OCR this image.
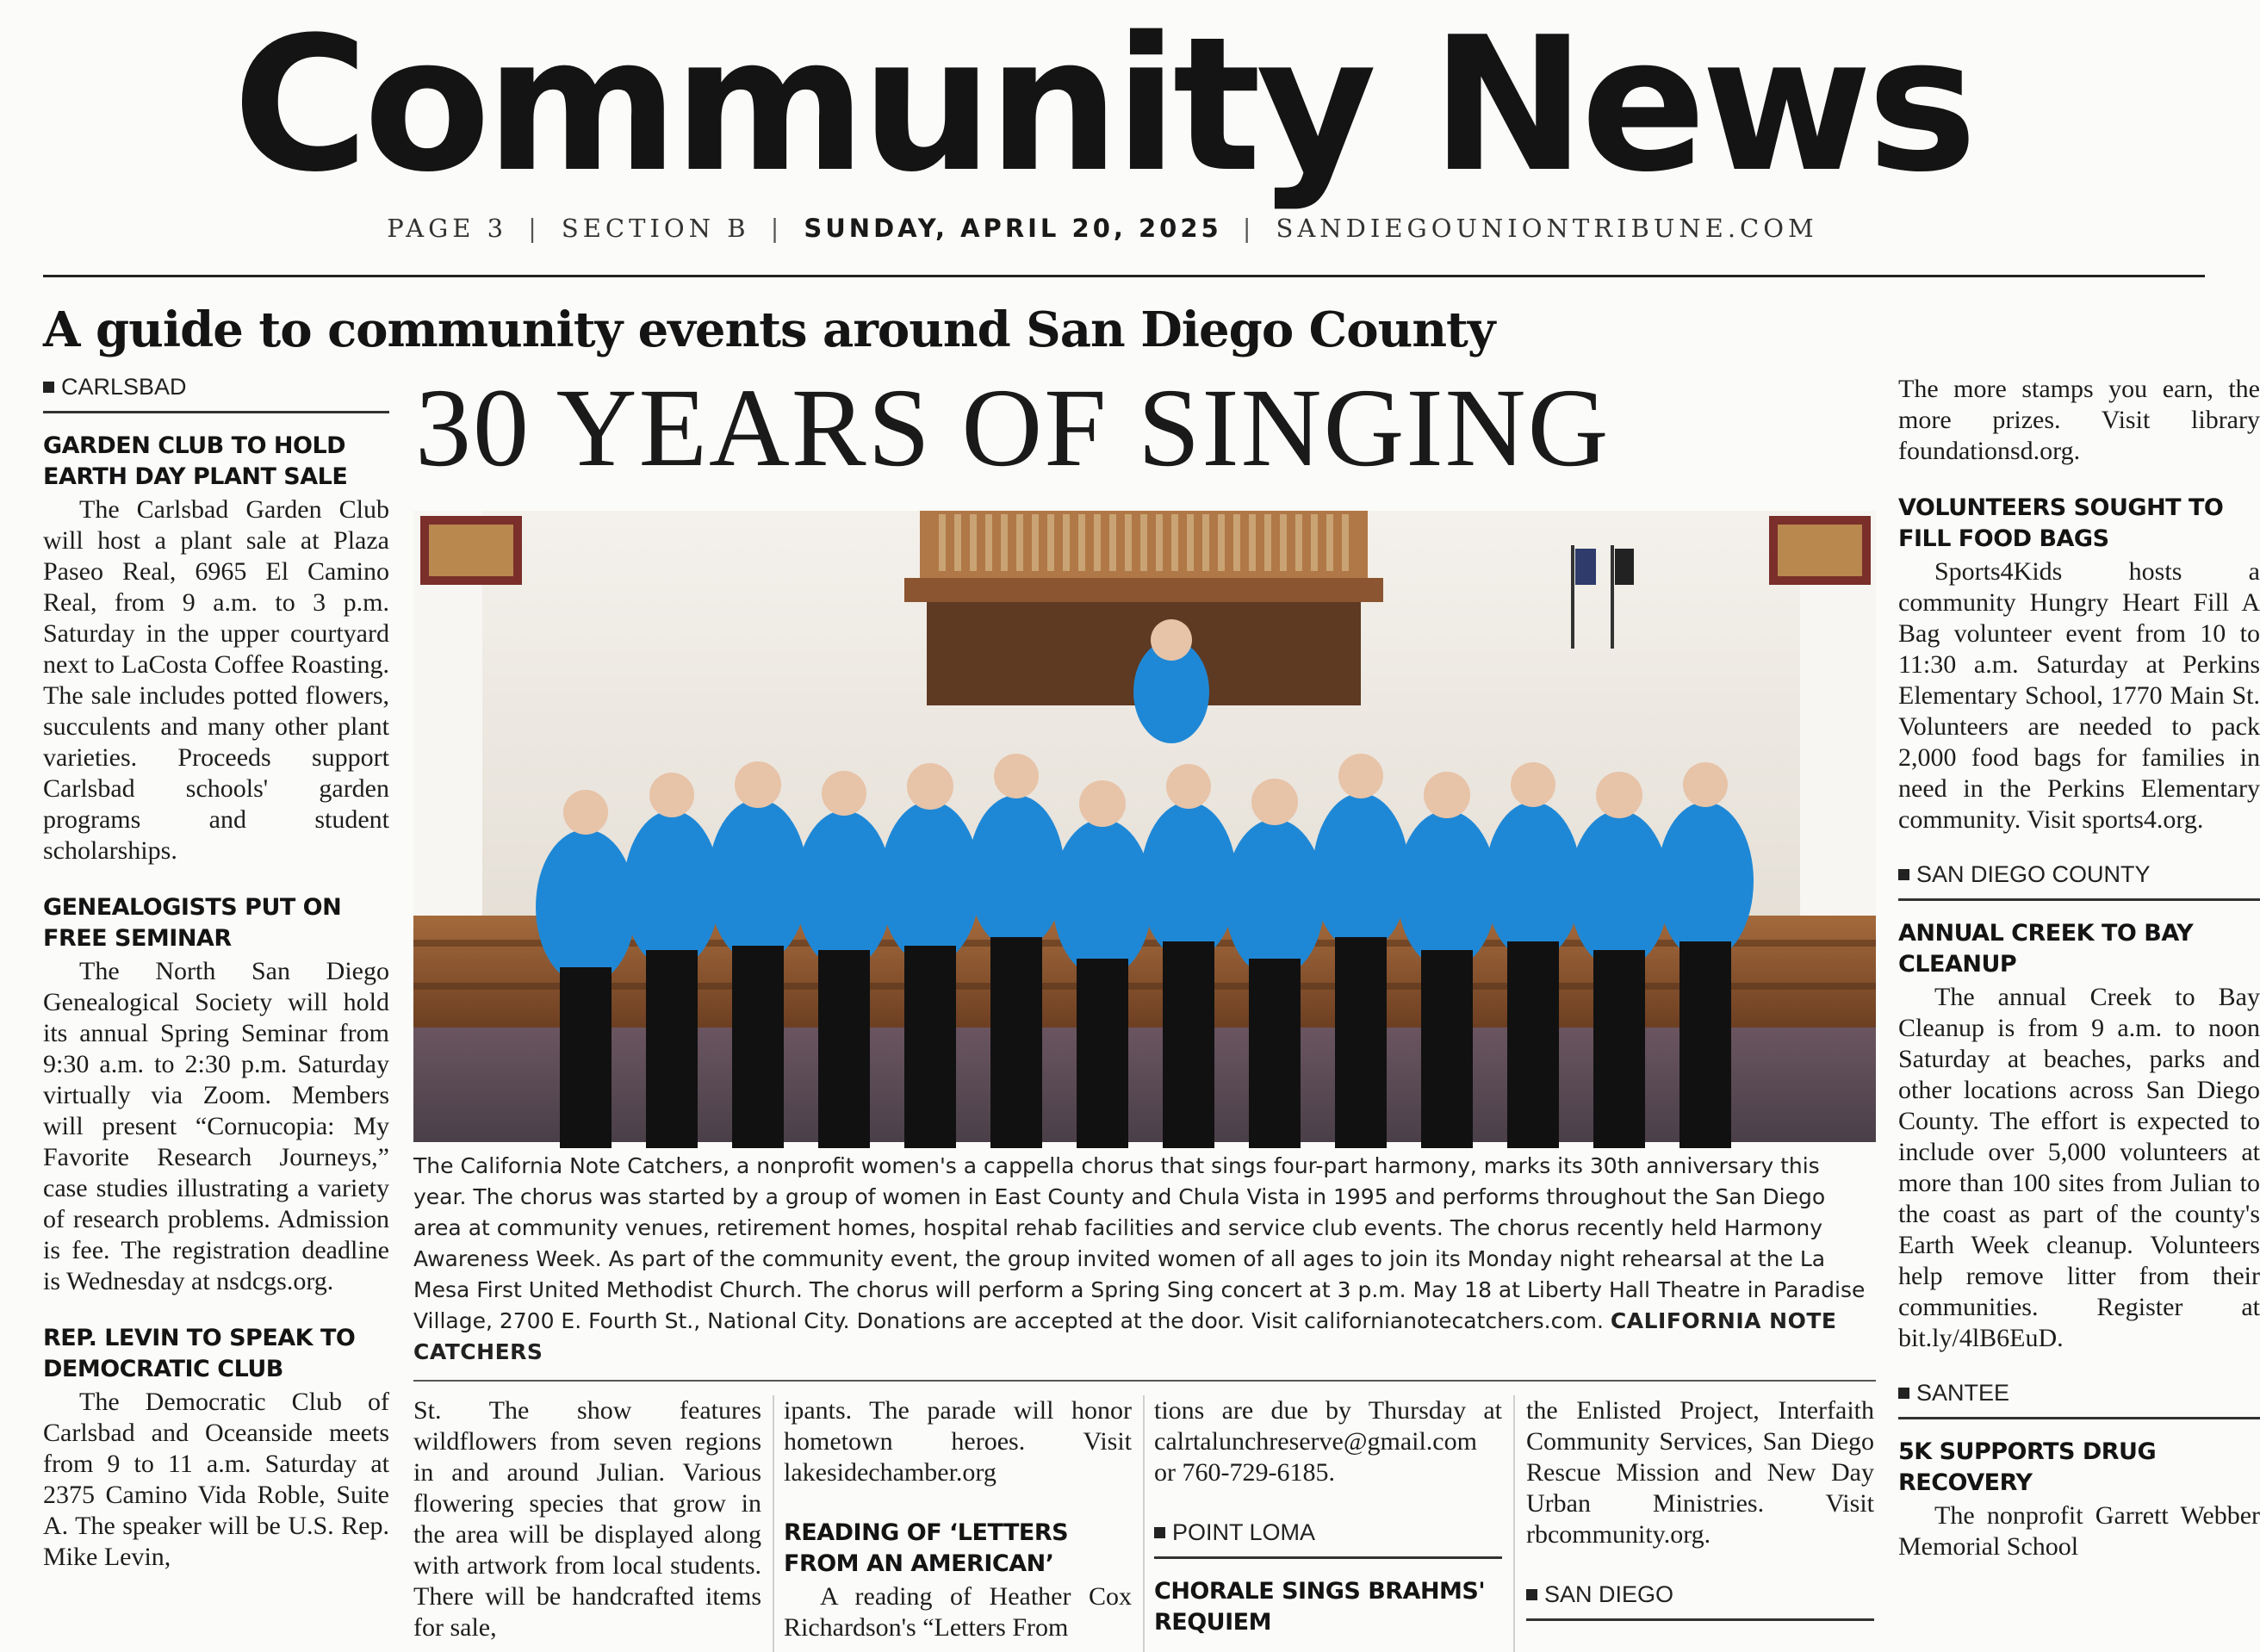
Community News
PAGE 3 | SECTION B | SUNDAY, APRIL 20, 2025 | SANDIEGOUNIONTRIBUNE.COM
A guide to community events around San Diego County
CARLSBAD
GARDEN CLUB TO HOLD EARTH DAY PLANT SALE
The Carlsbad Garden Club will host a plant sale at Plaza Paseo Real, 6965 El Camino Real, from 9 a.m. to 3 p.m. Saturday in the upper courtyard next to LaCosta Coffee Roasting. The sale includes potted flowers, succulents and many other plant varieties. Proceeds support Carlsbad schools' garden programs and student scholarships.
GENEALOGISTS PUT ON FREE SEMINAR
The North San Diego Genealogical Society will hold its annual Spring Seminar from 9:30 a.m. to 2:30 p.m. Saturday virtually via Zoom. Members will present “Cornucopia: My Favorite Research Journeys,” case studies illustrating a variety of research problems. Admission is fee. The registration deadline is Wednesday at nsdcgs.org.
REP. LEVIN TO SPEAK TO DEMOCRATIC CLUB
The Democratic Club of Carlsbad and Oceanside meets from 9 to 11 a.m. Saturday at 2375 Camino Vida Roble, Suite A. The speaker will be U.S. Rep. Mike Levin,
30 YEARS OF SINGING
The California Note Catchers, a nonprofit women's a cappella chorus that sings four-part harmony, marks its 30th anniversary this year. The chorus was started by a group of women in East County and Chula Vista in 1995 and performs throughout the San Diego area at community venues, retirement homes, hospital rehab facilities and service club events. The chorus recently held Harmony Awareness Week. As part of the community event, the group invited women of all ages to join its Monday night rehearsal at the La Mesa First United Methodist Church. The chorus will perform a Spring Sing concert at 3 p.m. May 18 at Liberty Hall Theatre in Paradise Village, 2700 E. Fourth St., National City. Donations are accepted at the door. Visit californianotecatchers.com. CALIFORNIA NOTE CATCHERS
St. The show features wildflowers from seven regions in and around Julian. Various flowering species that grow in the area will be displayed along with artwork from local students. There will be handcrafted items for sale,
ipants. The parade will honor hometown heroes. Visit lakesidechamber.org
READING OF ‘LETTERS FROM AN AMERICAN’
A reading of Heather Cox Richardson's “Letters From
tions are due by Thursday at calrtalunchreserve@gmail.com or 760-729-6185.
POINT LOMA
CHORALE SINGS BRAHMS' REQUIEM
the Enlisted Project, Interfaith Community Services, San Diego Rescue Mission and New Day Urban Ministries. Visit rbcommunity.org.
SAN DIEGO
The more stamps you earn, the more prizes. Visit library foundationsd.org.
VOLUNTEERS SOUGHT TO FILL FOOD BAGS
Sports4Kids hosts a community Hungry Heart Fill A Bag volunteer event from 10 to 11:30 a.m. Saturday at Perkins Elementary School, 1770 Main St. Volunteers are needed to pack 2,000 food bags for families in need in the Perkins Elementary community. Visit sports4.org.
SAN DIEGO COUNTY
ANNUAL CREEK TO BAY CLEANUP
The annual Creek to Bay Cleanup is from 9 a.m. to noon Saturday at beaches, parks and other locations across San Diego County. The effort is expected to include over 5,000 volunteers at more than 100 sites from Julian to the coast as part of the county's Earth Week cleanup. Volunteers help remove litter from their communities. Register at bit.ly/4lB6EuD.
SANTEE
5K SUPPORTS DRUG RECOVERY
The nonprofit Garrett Webber Memorial School
